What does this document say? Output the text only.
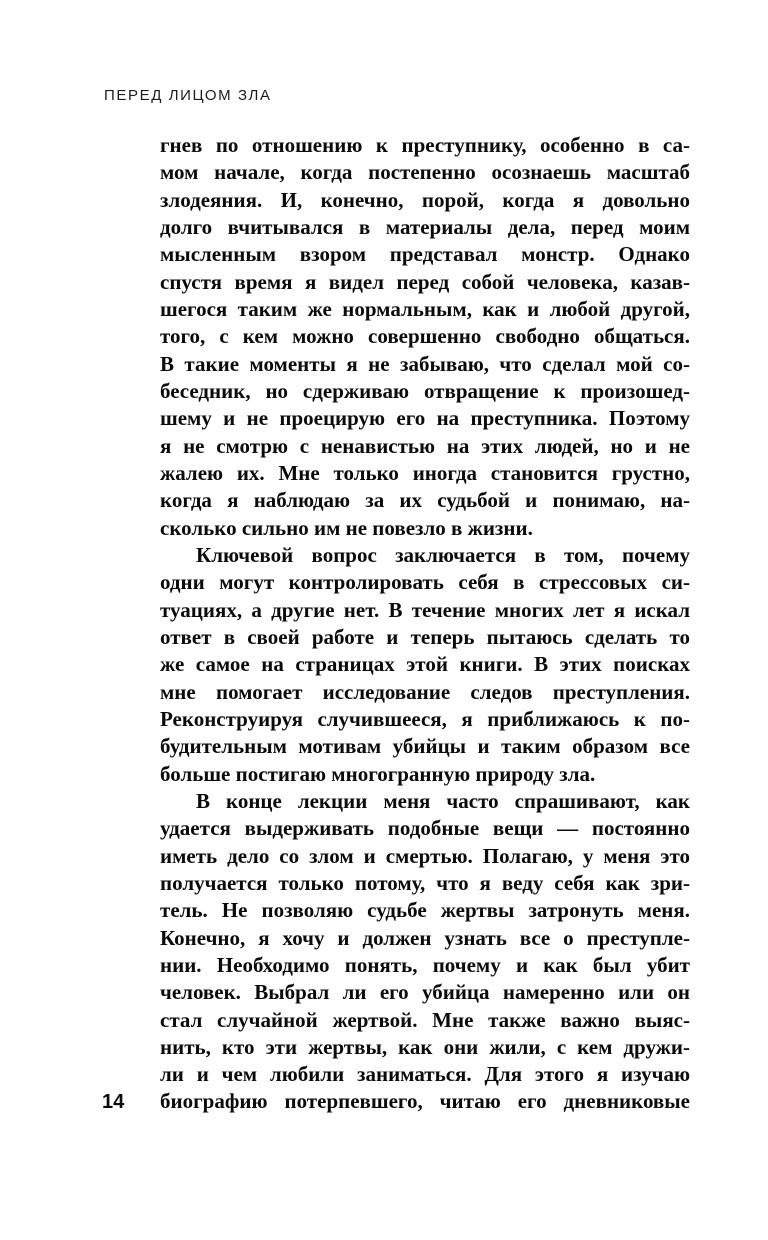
ПЕРЕД ЛИЦОМ ЗЛА
гнев по отношению к преступнику, особенно в са-
мом начале, когда постепенно осознаешь масштаб
злодеяния. И, конечно, порой, когда я довольно
долго вчитывался в материалы дела, перед моим
мысленным взором представал монстр. Однако
спустя время я видел перед собой человека, казав-
шегося таким же нормальным, как и любой другой,
того, с кем можно совершенно свободно общаться.
В такие моменты я не забываю, что сделал мой со-
беседник, но сдерживаю отвращение к произошед-
шему и не проецирую его на преступника. Поэтому
я не смотрю с ненавистью на этих людей, но и не
жалею их. Мне только иногда становится грустно,
когда я наблюдаю за их судьбой и понимаю, на-
сколько сильно им не повезло в жизни.
Ключевой вопрос заключается в том, почему
одни могут контролировать себя в стрессовых си-
туациях, а другие нет. В течение многих лет я искал
ответ в своей работе и теперь пытаюсь сделать то
же самое на страницах этой книги. В этих поисках
мне помогает исследование следов преступления.
Реконструируя случившееся, я приближаюсь к по-
будительным мотивам убийцы и таким образом все
больше постигаю многогранную природу зла.
В конце лекции меня часто спрашивают, как
удается выдерживать подобные вещи — постоянно
иметь дело со злом и смертью. Полагаю, у меня это
получается только потому, что я веду себя как зри-
тель. Не позволяю судьбе жертвы затронуть меня.
Конечно, я хочу и должен узнать все о преступле-
нии. Необходимо понять, почему и как был убит
человек. Выбрал ли его убийца намеренно или он
стал случайной жертвой. Мне также важно выяс-
нить, кто эти жертвы, как они жили, с кем дружи-
ли и чем любили заниматься. Для этого я изучаю
биографию потерпевшего, читаю его дневниковые
14
